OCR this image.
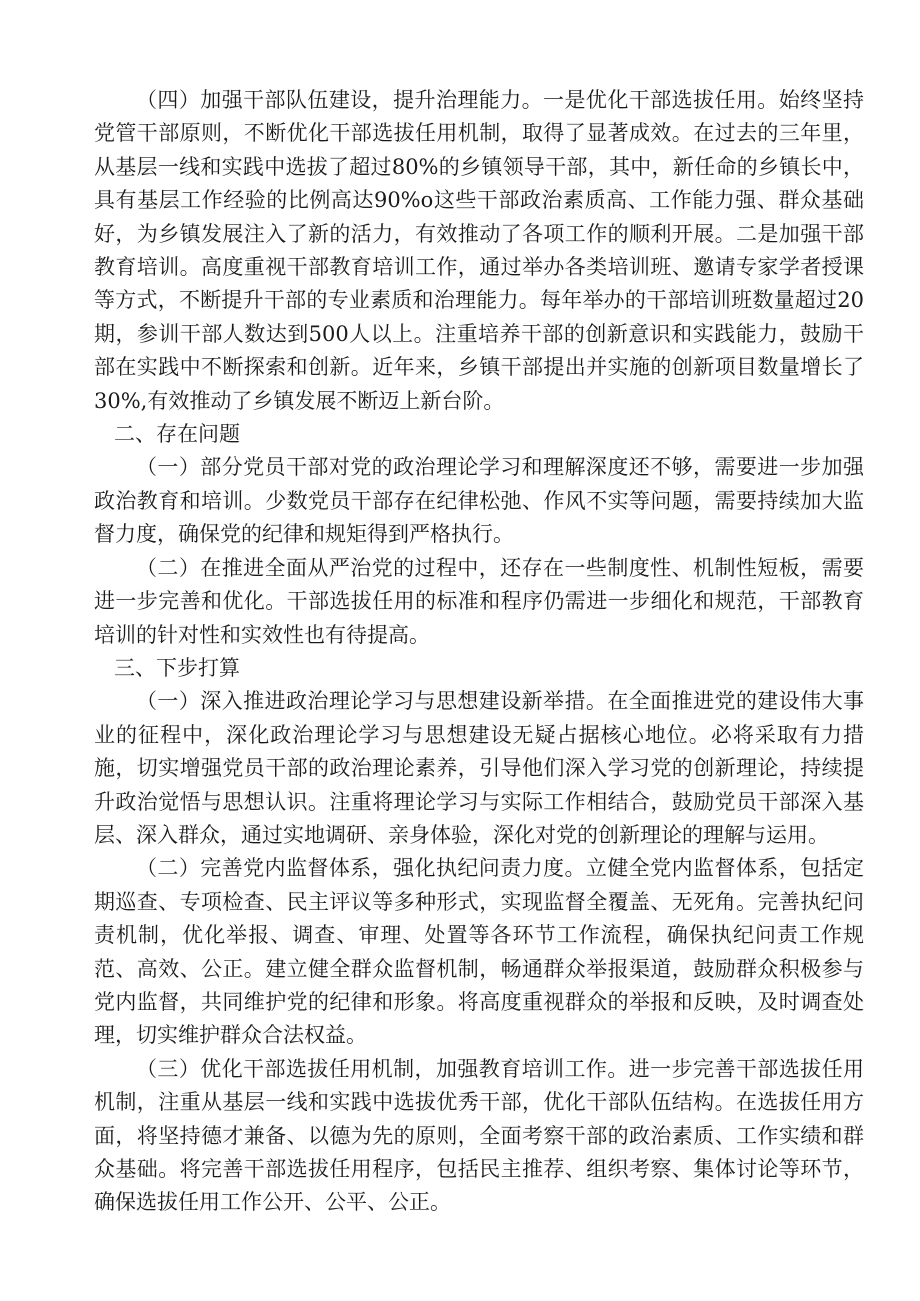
（四）加强干部队伍建设，提升治理能力。一是优化干部选拔任用。始终坚持党管干部原则，不断优化干部选拔任用机制，取得了显著成效。在过去的三年里，从基层一线和实践中选拔了超过80%的乡镇领导干部，其中，新任命的乡镇长中，具有基层工作经验的比例高达90%o这些干部政治素质高、工作能力强、群众基础好，为乡镇发展注入了新的活力，有效推动了各项工作的顺利开展。二是加强干部教育培训。高度重视干部教育培训工作，通过举办各类培训班、邀请专家学者授课等方式，不断提升干部的专业素质和治理能力。每年举办的干部培训班数量超过20期，参训干部人数达到500人以上。注重培养干部的创新意识和实践能力，鼓励干部在实践中不断探索和创新。近年来，乡镇干部提出并实施的创新项目数量增长了30%,有效推动了乡镇发展不断迈上新台阶。

二、存在问题

（一）部分党员干部对党的政治理论学习和理解深度还不够，需要进一步加强政治教育和培训。少数党员干部存在纪律松弛、作风不实等问题，需要持续加大监督力度，确保党的纪律和规矩得到严格执行。

（二）在推进全面从严治党的过程中，还存在一些制度性、机制性短板，需要进一步完善和优化。干部选拔任用的标准和程序仍需进一步细化和规范，干部教育培训的针对性和实效性也有待提高。

三、下步打算

（一）深入推进政治理论学习与思想建设新举措。在全面推进党的建设伟大事业的征程中，深化政治理论学习与思想建设无疑占据核心地位。必将采取有力措施，切实增强党员干部的政治理论素养，引导他们深入学习党的创新理论，持续提升政治觉悟与思想认识。注重将理论学习与实际工作相结合，鼓励党员干部深入基层、深入群众，通过实地调研、亲身体验，深化对党的创新理论的理解与运用。

（二）完善党内监督体系，强化执纪问责力度。立健全党内监督体系，包括定期巡查、专项检查、民主评议等多种形式，实现监督全覆盖、无死角。完善执纪问责机制，优化举报、调查、审理、处置等各环节工作流程，确保执纪问责工作规范、高效、公正。建立健全群众监督机制，畅通群众举报渠道，鼓励群众积极参与党内监督，共同维护党的纪律和形象。将高度重视群众的举报和反映，及时调查处理，切实维护群众合法权益。

（三）优化干部选拔任用机制，加强教育培训工作。进一步完善干部选拔任用机制，注重从基层一线和实践中选拔优秀干部，优化干部队伍结构。在选拔任用方面，将坚持德才兼备、以德为先的原则，全面考察干部的政治素质、工作实绩和群众基础。将完善干部选拔任用程序，包括民主推荐、组织考察、集体讨论等环节，确保选拔任用工作公开、公平、公正。
